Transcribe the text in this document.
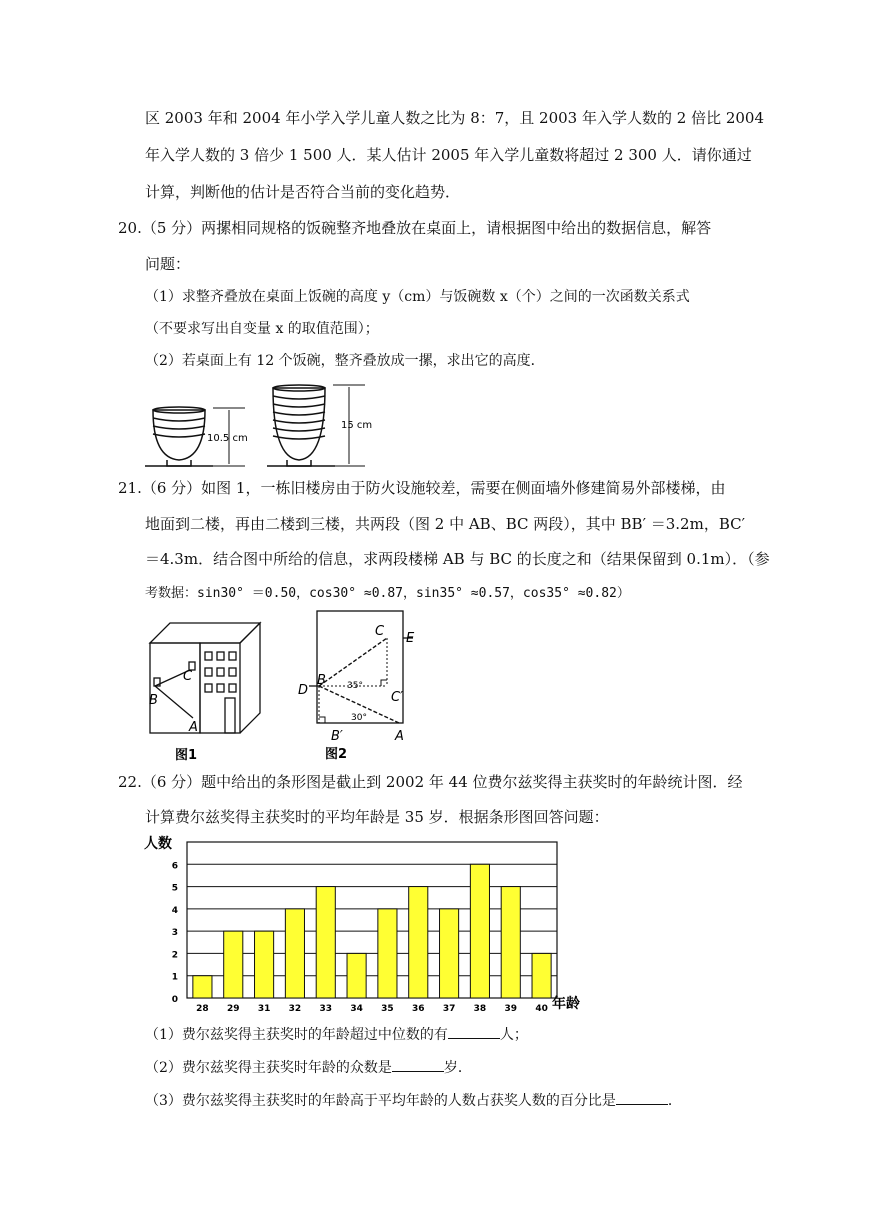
区 2003 年和 2004 年小学入学儿童人数之比为 8：7，且 2003 年入学人数的 2 倍比 2004
年入学人数的 3 倍少 1 500 人．某人估计 2005 年入学儿童数将超过 2 300 人．请你通过
计算，判断他的估计是否符合当前的变化趋势．
20.（5 分）两摞相同规格的饭碗整齐地叠放在桌面上，请根据图中给出的数据信息，解答
问题：
（1）求整齐叠放在桌面上饭碗的高度 y（cm）与饭碗数 x（个）之间的一次函数关系式
（不要求写出自变量 x 的取值范围）；
（2）若桌面上有 12 个饭碗，整齐叠放成一摞，求出它的高度．
10.5 cm
15 cm
21.（6 分）如图 1，一栋旧楼房由于防火设施较差，需要在侧面墙外修建简易外部楼梯，由
地面到二楼，再由二楼到三楼，共两段（图 2 中 AB、BC 两段），其中 BB′ ＝3.2m，BC′
＝4.3m．结合图中所给的信息，求两段楼梯 AB 与 BC 的长度之和（结果保留到 0.1m）．（参
考数据：sin30° ＝0.50，cos30° ≈0.87，sin35° ≈0.57，cos35° ≈0.82）
C
B
A
图1
C E
D
B 35°
C′
30°
B′	A
图2
22.（6 分）题中给出的条形图是截止到 2002 年 44 位费尔兹奖得主获奖时的年龄统计图．经
计算费尔兹奖得主获奖时的平均年龄是 35 岁．根据条形图回答问题：
人数
年龄
0
1
2
3
4
5
6
28 29 31 32 33 34 35 36 37 38 39 40
（1）费尔兹奖得主获奖时的年龄超过中位数的有	人；
（2）费尔兹奖得主获奖时年龄的众数是	岁．
（3）费尔兹奖得主获奖时的年龄高于平均年龄的人数占获奖人数的百分比是	．
